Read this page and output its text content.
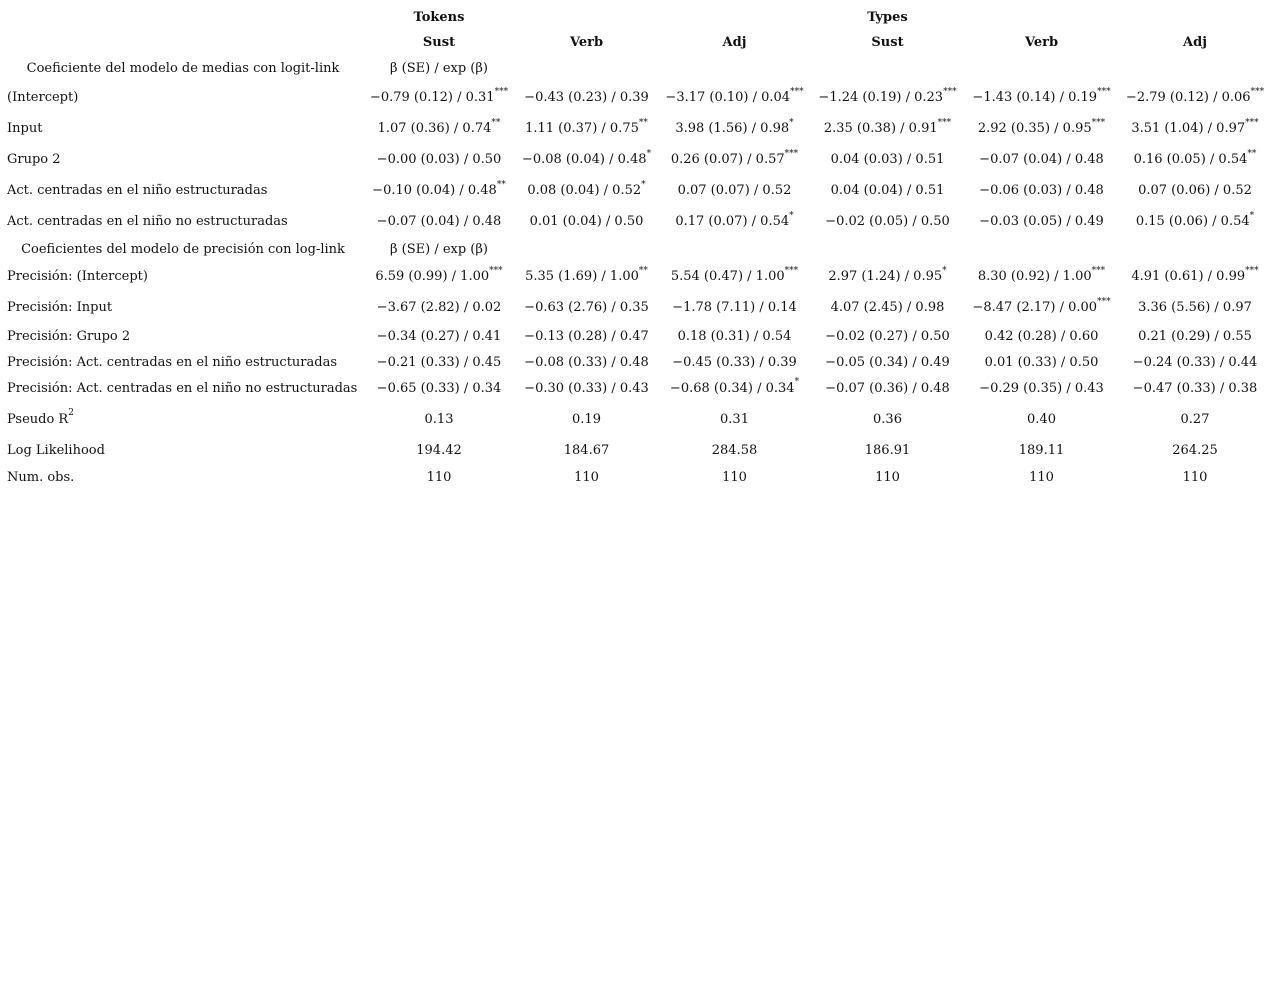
	Tokens			Types		
	Sust	Verb	Adj	Sust	Verb	Adj
Coeficiente del modelo de medias con logit-link	β (SE) / exp (β)					
(Intercept)	−0.79 (0.12) / 0.31***	−0.43 (0.23) / 0.39	−3.17 (0.10) / 0.04***	−1.24 (0.19) / 0.23***	−1.43 (0.14) / 0.19***	−2.79 (0.12) / 0.06***
Input	1.07 (0.36) / 0.74**	1.11 (0.37) / 0.75**	3.98 (1.56) / 0.98*	2.35 (0.38) / 0.91***	2.92 (0.35) / 0.95***	3.51 (1.04) / 0.97***
Grupo 2	−0.00 (0.03) / 0.50	−0.08 (0.04) / 0.48*	0.26 (0.07) / 0.57***	0.04 (0.03) / 0.51	−0.07 (0.04) / 0.48	0.16 (0.05) / 0.54**
Act. centradas en el niño estructuradas	−0.10 (0.04) / 0.48**	0.08 (0.04) / 0.52*	0.07 (0.07) / 0.52	0.04 (0.04) / 0.51	−0.06 (0.03) / 0.48	0.07 (0.06) / 0.52
Act. centradas en el niño no estructuradas	−0.07 (0.04) / 0.48	0.01 (0.04) / 0.50	0.17 (0.07) / 0.54*	−0.02 (0.05) / 0.50	−0.03 (0.05) / 0.49	0.15 (0.06) / 0.54*
Coeficientes del modelo de precisión con log-link	β (SE) / exp (β)					
Precisión: (Intercept)	6.59 (0.99) / 1.00***	5.35 (1.69) / 1.00**	5.54 (0.47) / 1.00***	2.97 (1.24) / 0.95*	8.30 (0.92) / 1.00***	4.91 (0.61) / 0.99***
Precisión: Input	−3.67 (2.82) / 0.02	−0.63 (2.76) / 0.35	−1.78 (7.11) / 0.14	4.07 (2.45) / 0.98	−8.47 (2.17) / 0.00***	3.36 (5.56) / 0.97
Precisión: Grupo 2	−0.34 (0.27) / 0.41	−0.13 (0.28) / 0.47	0.18 (0.31) / 0.54	−0.02 (0.27) / 0.50	0.42 (0.28) / 0.60	0.21 (0.29) / 0.55
Precisión: Act. centradas en el niño estructuradas	−0.21 (0.33) / 0.45	−0.08 (0.33) / 0.48	−0.45 (0.33) / 0.39	−0.05 (0.34) / 0.49	0.01 (0.33) / 0.50	−0.24 (0.33) / 0.44
Precisión: Act. centradas en el niño no estructuradas	−0.65 (0.33) / 0.34	−0.30 (0.33) / 0.43	−0.68 (0.34) / 0.34*	−0.07 (0.36) / 0.48	−0.29 (0.35) / 0.43	−0.47 (0.33) / 0.38
Pseudo $R^2$	0.13	0.19	0.31	0.36	0.40	0.27
Log Likelihood	194.42	184.67	284.58	186.91	189.11	264.25
Num. obs.	110	110	110	110	110	110
